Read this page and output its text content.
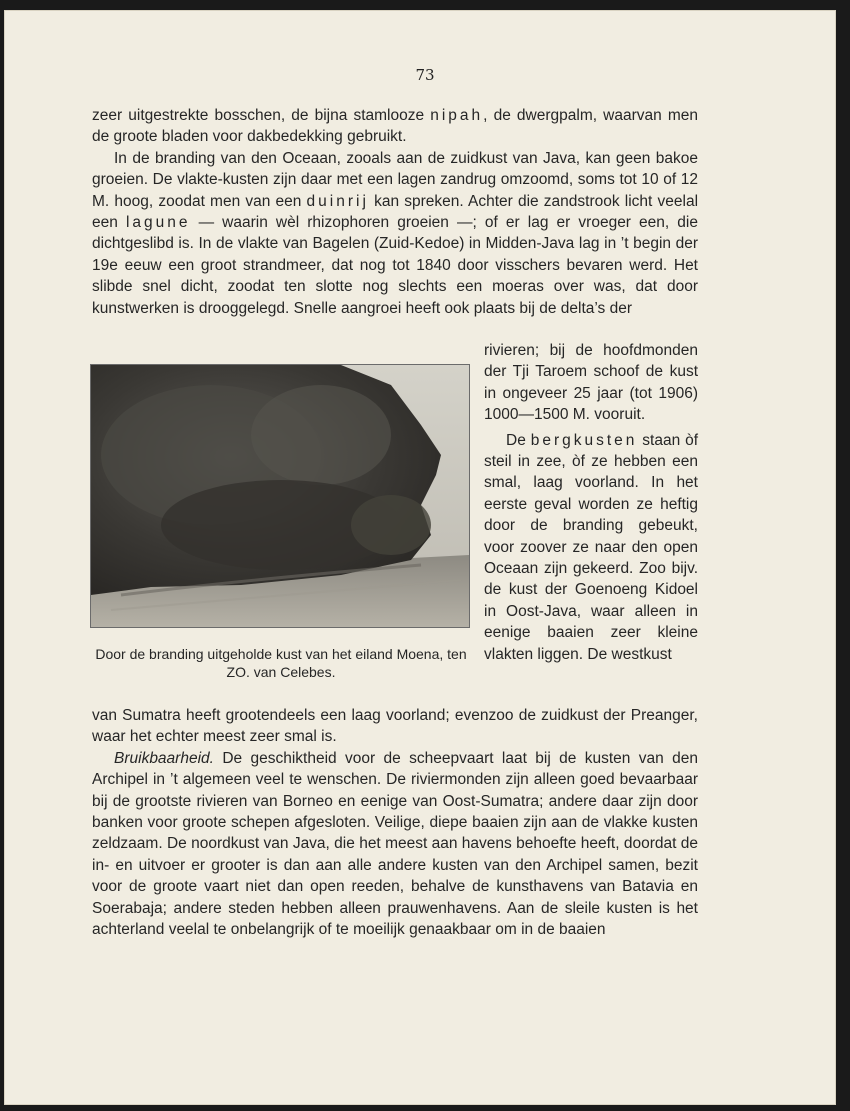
73

zeer uitgestrekte bosschen, de bijna stamlooze nipah, de dwergpalm, waarvan men de groote bladen voor dakbedekking gebruikt.

In de branding van den Oceaan, zooals aan de zuidkust van Java, kan geen bakoe groeien. De vlakte-kusten zijn daar met een lagen zandrug omzoomd, soms tot 10 of 12 M. hoog, zoodat men van een duinrij kan spreken. Achter die zandstrook licht veelal een lagune — waarin wèl rhizophoren groeien —; of er lag er vroeger een, die dichtgeslibd is. In de vlakte van Bagelen (Zuid-Kedoe) in Midden-Java lag in ’t begin der 19e eeuw een groot strandmeer, dat nog tot 1840 door visschers bevaren werd. Het slibde snel dicht, zoodat ten slotte nog slechts een moeras over was, dat door kunstwerken is drooggelegd. Snelle aangroei heeft ook plaats bij de delta’s der

Door de branding uitgeholde kust van het eiland Moena, ten ZO. van Celebes.

rivieren; bij de hoofdmonden der Tji Taroem schoof de kust in ongeveer 25 jaar (tot 1906) 1000—1500 M. vooruit.

De bergkusten staan òf steil in zee, òf ze hebben een smal, laag voorland. In het eerste geval worden ze heftig door de branding gebeukt, voor zoover ze naar den open Oceaan zijn gekeerd. Zoo bijv. de kust der Goenoeng Kidoel in Oost-Java, waar alleen in eenige baaien zeer kleine vlakten liggen. De westkust

van Sumatra heeft grootendeels een laag voorland; evenzoo de zuidkust der Preanger, waar het echter meest zeer smal is.

Bruikbaarheid. De geschiktheid voor de scheepvaart laat bij de kusten van den Archipel in ’t algemeen veel te wenschen. De riviermonden zijn alleen goed bevaarbaar bij de grootste rivieren van Borneo en eenige van Oost-Sumatra; andere daar zijn door banken voor groote schepen afgesloten. Veilige, diepe baaien zijn aan de vlakke kusten zeldzaam. De noordkust van Java, die het meest aan havens behoefte heeft, doordat de in- en uitvoer er grooter is dan aan alle andere kusten van den Archipel samen, bezit voor de groote vaart niet dan open reeden, behalve de kunsthavens van Batavia en Soerabaja; andere steden hebben alleen prauwenhavens. Aan de sleile kusten is het achterland veelal te onbelangrijk of te moeilijk genaakbaar om in de baaien
